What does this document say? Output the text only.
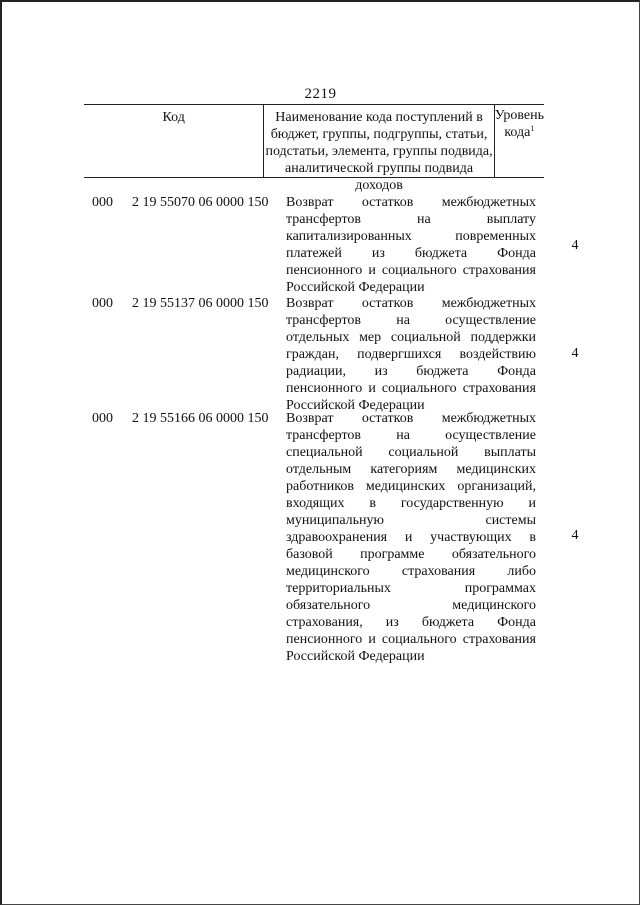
2219
Код	Наименование кода поступлений в бюджет, группы, подгруппы, статьи, подстатьи, элемента, группы подвида, аналитической группы подвида доходов
Уровень кода$^1$
000 2 19 55070 06 0000 150 Возврат остатков межбюджетных трансфертов на выплату капитализированных повременных платежей из бюджета Фонда пенсионного и социального страхования Российской Федерации
4
000 2 19 55137 06 0000 150 Возврат остатков межбюджетных трансфертов на осуществление отдельных мер социальной поддержки граждан, подвергшихся воздействию радиации, из бюджета Фонда пенсионного и социального страхования Российской Федерации
4
000 2 19 55166 06 0000 150 Возврат остатков межбюджетных трансфертов на осуществление специальной социальной выплаты отдельным категориям медицинских работников медицинских организаций, входящих в государственную и муниципальную системы здравоохранения и участвующих в базовой программе обязательного медицинского страхования либо территориальных программах обязательного медицинского страхования, из бюджета Фонда пенсионного и социального страхования Российской Федерации
4
